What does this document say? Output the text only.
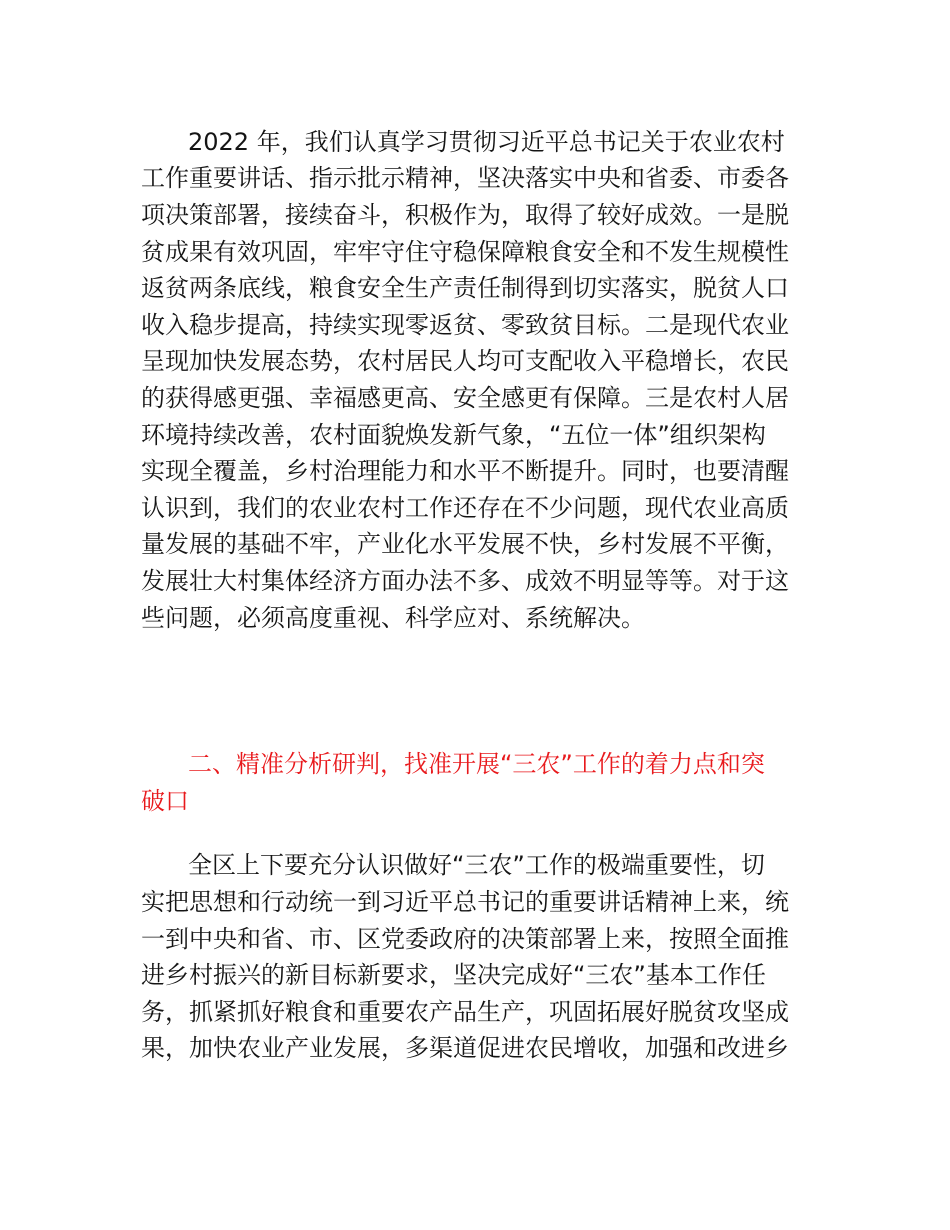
2022 年，我们认真学习贯彻习近平总书记关于农业农村
工作重要讲话、指示批示精神，坚决落实中央和省委、市委各
项决策部署，接续奋斗，积极作为，取得了较好成效。一是脱
贫成果有效巩固，牢牢守住守稳保障粮食安全和不发生规模性
返贫两条底线，粮食安全生产责任制得到切实落实，脱贫人口
收入稳步提高，持续实现零返贫、零致贫目标。二是现代农业
呈现加快发展态势，农村居民人均可支配收入平稳增长，农民
的获得感更强、幸福感更高、安全感更有保障。三是农村人居
环境持续改善，农村面貌焕发新气象，“五位一体”组织架构
实现全覆盖，乡村治理能力和水平不断提升。同时，也要清醒
认识到，我们的农业农村工作还存在不少问题，现代农业高质
量发展的基础不牢，产业化水平发展不快，乡村发展不平衡，
发展壮大村集体经济方面办法不多、成效不明显等等。对于这
些问题，必须高度重视、科学应对、系统解决。
二、精准分析研判，找准开展“三农”工作的着力点和突
破口
全区上下要充分认识做好“三农”工作的极端重要性，切
实把思想和行动统一到习近平总书记的重要讲话精神上来，统
一到中央和省、市、区党委政府的决策部署上来，按照全面推
进乡村振兴的新目标新要求，坚决完成好“三农”基本工作任
务，抓紧抓好粮食和重要农产品生产，巩固拓展好脱贫攻坚成
果，加快农业产业发展，多渠道促进农民增收，加强和改进乡
